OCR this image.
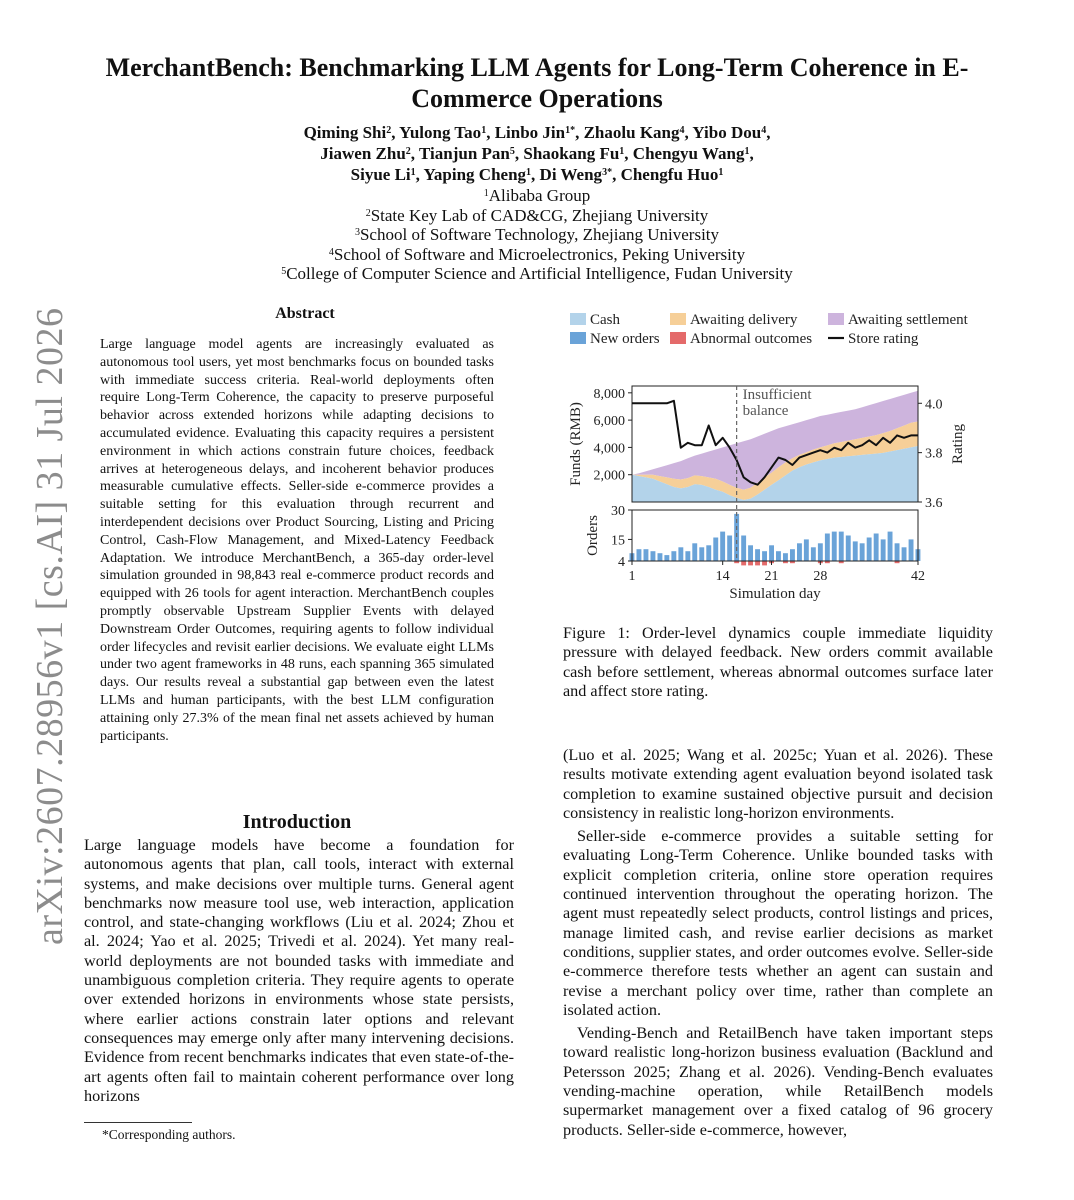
arXiv:2607.28956v1 [cs.AI] 31 Jul 2026
MerchantBench: Benchmarking LLM Agents for Long-Term Coherence in E-Commerce Operations
Qiming Shi$^2$, Yulong Tao$^1$, Linbo Jin$^{1*}$, Zhaolu Kang$^4$, Yibo Dou$^4$,
Jiawen Zhu$^2$, Tianjun Pan$^5$, Shaokang Fu$^1$, Chengyu Wang$^1$,
Siyue Li$^1$, Yaping Cheng$^1$, Di Weng$^{3*}$, Chengfu Huo$^1$
$^1$Alibaba Group
$^2$State Key Lab of CAD&CG, Zhejiang University
$^3$School of Software Technology, Zhejiang University
$^4$School of Software and Microelectronics, Peking University
$^5$College of Computer Science and Artificial Intelligence, Fudan University
Abstract
Large language model agents are increasingly evaluated as autonomous tool users, yet most benchmarks focus on bounded tasks with immediate success criteria. Real-world deployments often require Long-Term Coherence, the capacity to preserve purposeful behavior across extended horizons while adapting decisions to accumulated evidence. Evaluating this capacity requires a persistent environment in which actions constrain future choices, feedback arrives at heterogeneous delays, and incoherent behavior produces measurable cumulative effects. Seller-side e-commerce provides a suitable setting for this evaluation through recurrent and interdependent decisions over Product Sourcing, Listing and Pricing Control, Cash-Flow Management, and Mixed-Latency Feedback Adaptation. We introduce MerchantBench, a 365-day order-level simulation grounded in 98,843 real e-commerce product records and equipped with 26 tools for agent interaction. MerchantBench couples promptly observable Upstream Supplier Events with delayed Downstream Order Outcomes, requiring agents to follow individual order lifecycles and revisit earlier decisions. We evaluate eight LLMs under two agent frameworks in 48 runs, each spanning 365 simulated days. Our results reveal a substantial gap between even the latest LLMs and human participants, with the best LLM configuration attaining only 27.3% of the mean final net assets achieved by human participants.
Introduction
Large language models have become a foundation for autonomous agents that plan, call tools, interact with external systems, and make decisions over multiple turns. General agent benchmarks now measure tool use, web interaction, application control, and state-changing workflows (Liu et al. 2024; Zhou et al. 2024; Yao et al. 2025; Trivedi et al. 2024). Yet many real-world deployments are not bounded tasks with immediate and unambiguous completion criteria. They require agents to operate over extended horizons in environments whose state persists, where earlier actions constrain later options and relevant consequences may emerge only after many intervening decisions. Evidence from recent benchmarks indicates that even state-of-the-art agents often fail to maintain coherent performance over long horizons
*Corresponding authors.
Cash	Awaiting delivery	Awaiting settlement
New orders Abnormal outcomes Store rating
2,000
4,000
6,000
8,000
Funds (RMB)
3.6
3.8
4.0
Rating
4
15
30
Orders
Insufficient
balance
1	14 21 28	42
Simulation day
Figure 1: Order-level dynamics couple immediate liquidity pressure with delayed feedback. New orders commit available cash before settlement, whereas abnormal outcomes surface later and affect store rating.

(Luo et al. 2025; Wang et al. 2025c; Yuan et al. 2026). These results motivate extending agent evaluation beyond isolated task completion to examine sustained objective pursuit and decision consistency in realistic long-horizon environments.

Seller-side e-commerce provides a suitable setting for evaluating Long-Term Coherence. Unlike bounded tasks with explicit completion criteria, online store operation requires continued intervention throughout the operating horizon. The agent must repeatedly select products, control listings and prices, manage limited cash, and revise earlier decisions as market conditions, supplier states, and order outcomes evolve. Seller-side e-commerce therefore tests whether an agent can sustain and revise a merchant policy over time, rather than complete an isolated action.

Vending-Bench and RetailBench have taken important steps toward realistic long-horizon business evaluation (Backlund and Petersson 2025; Zhang et al. 2026). Vending-Bench evaluates vending-machine operation, while RetailBench models supermarket management over a fixed catalog of 96 grocery products. Seller-side e-commerce, however,
